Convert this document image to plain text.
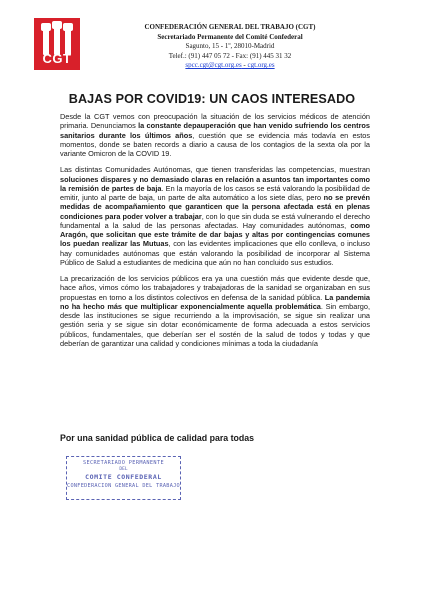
CGT
CONFEDERACIÓN GENERAL DEL TRABAJO (CGT)
Secretariado Permanente del Comité Confederal
Sagunto, 15 - 1º, 28010-Madrid
Telef.: (91) 447 05 72 - Fax: (91) 445 31 32
spcc.cgt@cgt.org.es - cgt.org.es
BAJAS POR COVID19: UN CAOS INTERESADO

Desde la CGT vemos con preocupación la situación de los servicios médicos de atención primaria. Denunciamos la constante depauperación que han venido sufriendo los centros sanitarios durante los últimos años, cuestión que se evidencia más todavía en estos momentos, donde se baten records a diario a causa de los contagios de la sexta ola por la variante Omicron de la COVID 19.

Las distintas Comunidades Autónomas, que tienen transferidas las competencias, muestran soluciones dispares y no demasiado claras en relación a asuntos tan importantes como la remisión de partes de baja. En la mayoría de los casos se está valorando la posibilidad de emitir, junto al parte de baja, un parte de alta automático a los siete días, pero no se prevén medidas de acompañamiento que garanticen que la persona afectada está en plenas condiciones para poder volver a trabajar, con lo que sin duda se está vulnerando el derecho fundamental a la salud de las personas afectadas. Hay comunidades autónomas, como Aragón, que solicitan que este trámite de dar bajas y altas por contingencias comunes los puedan realizar las Mutuas, con las evidentes implicaciones que ello conlleva, o incluso hay comunidades autónomas que están valorando la posibilidad de incorporar al Sistema Público de Salud a estudiantes de medicina que aún no han concluido sus estudios.

La precarización de los servicios públicos era ya una cuestión más que evidente desde que, hace años, vimos cómo los trabajadores y trabajadoras de la sanidad se organizaban en sus propuestas en torno a los distintos colectivos en defensa de la sanidad pública. La pandemia no ha hecho más que multiplicar exponencialmente aquella problemática. Sin embargo, desde las instituciones se sigue recurriendo a la improvisación, se sigue sin realizar una gestión seria y se sigue sin dotar económicamente de forma adecuada a estos servicios públicos, fundamentales, que deberían ser el sostén de la salud de todos y todas y que deberían de garantizar una calidad y condiciones mínimas a toda la ciudadanía

Por una sanidad pública de calidad para todas

SECRETARIADO PERMANENTE
DEL
COMITE CONFEDERAL
CONFEDERACION GENERAL DEL TRABAJO
